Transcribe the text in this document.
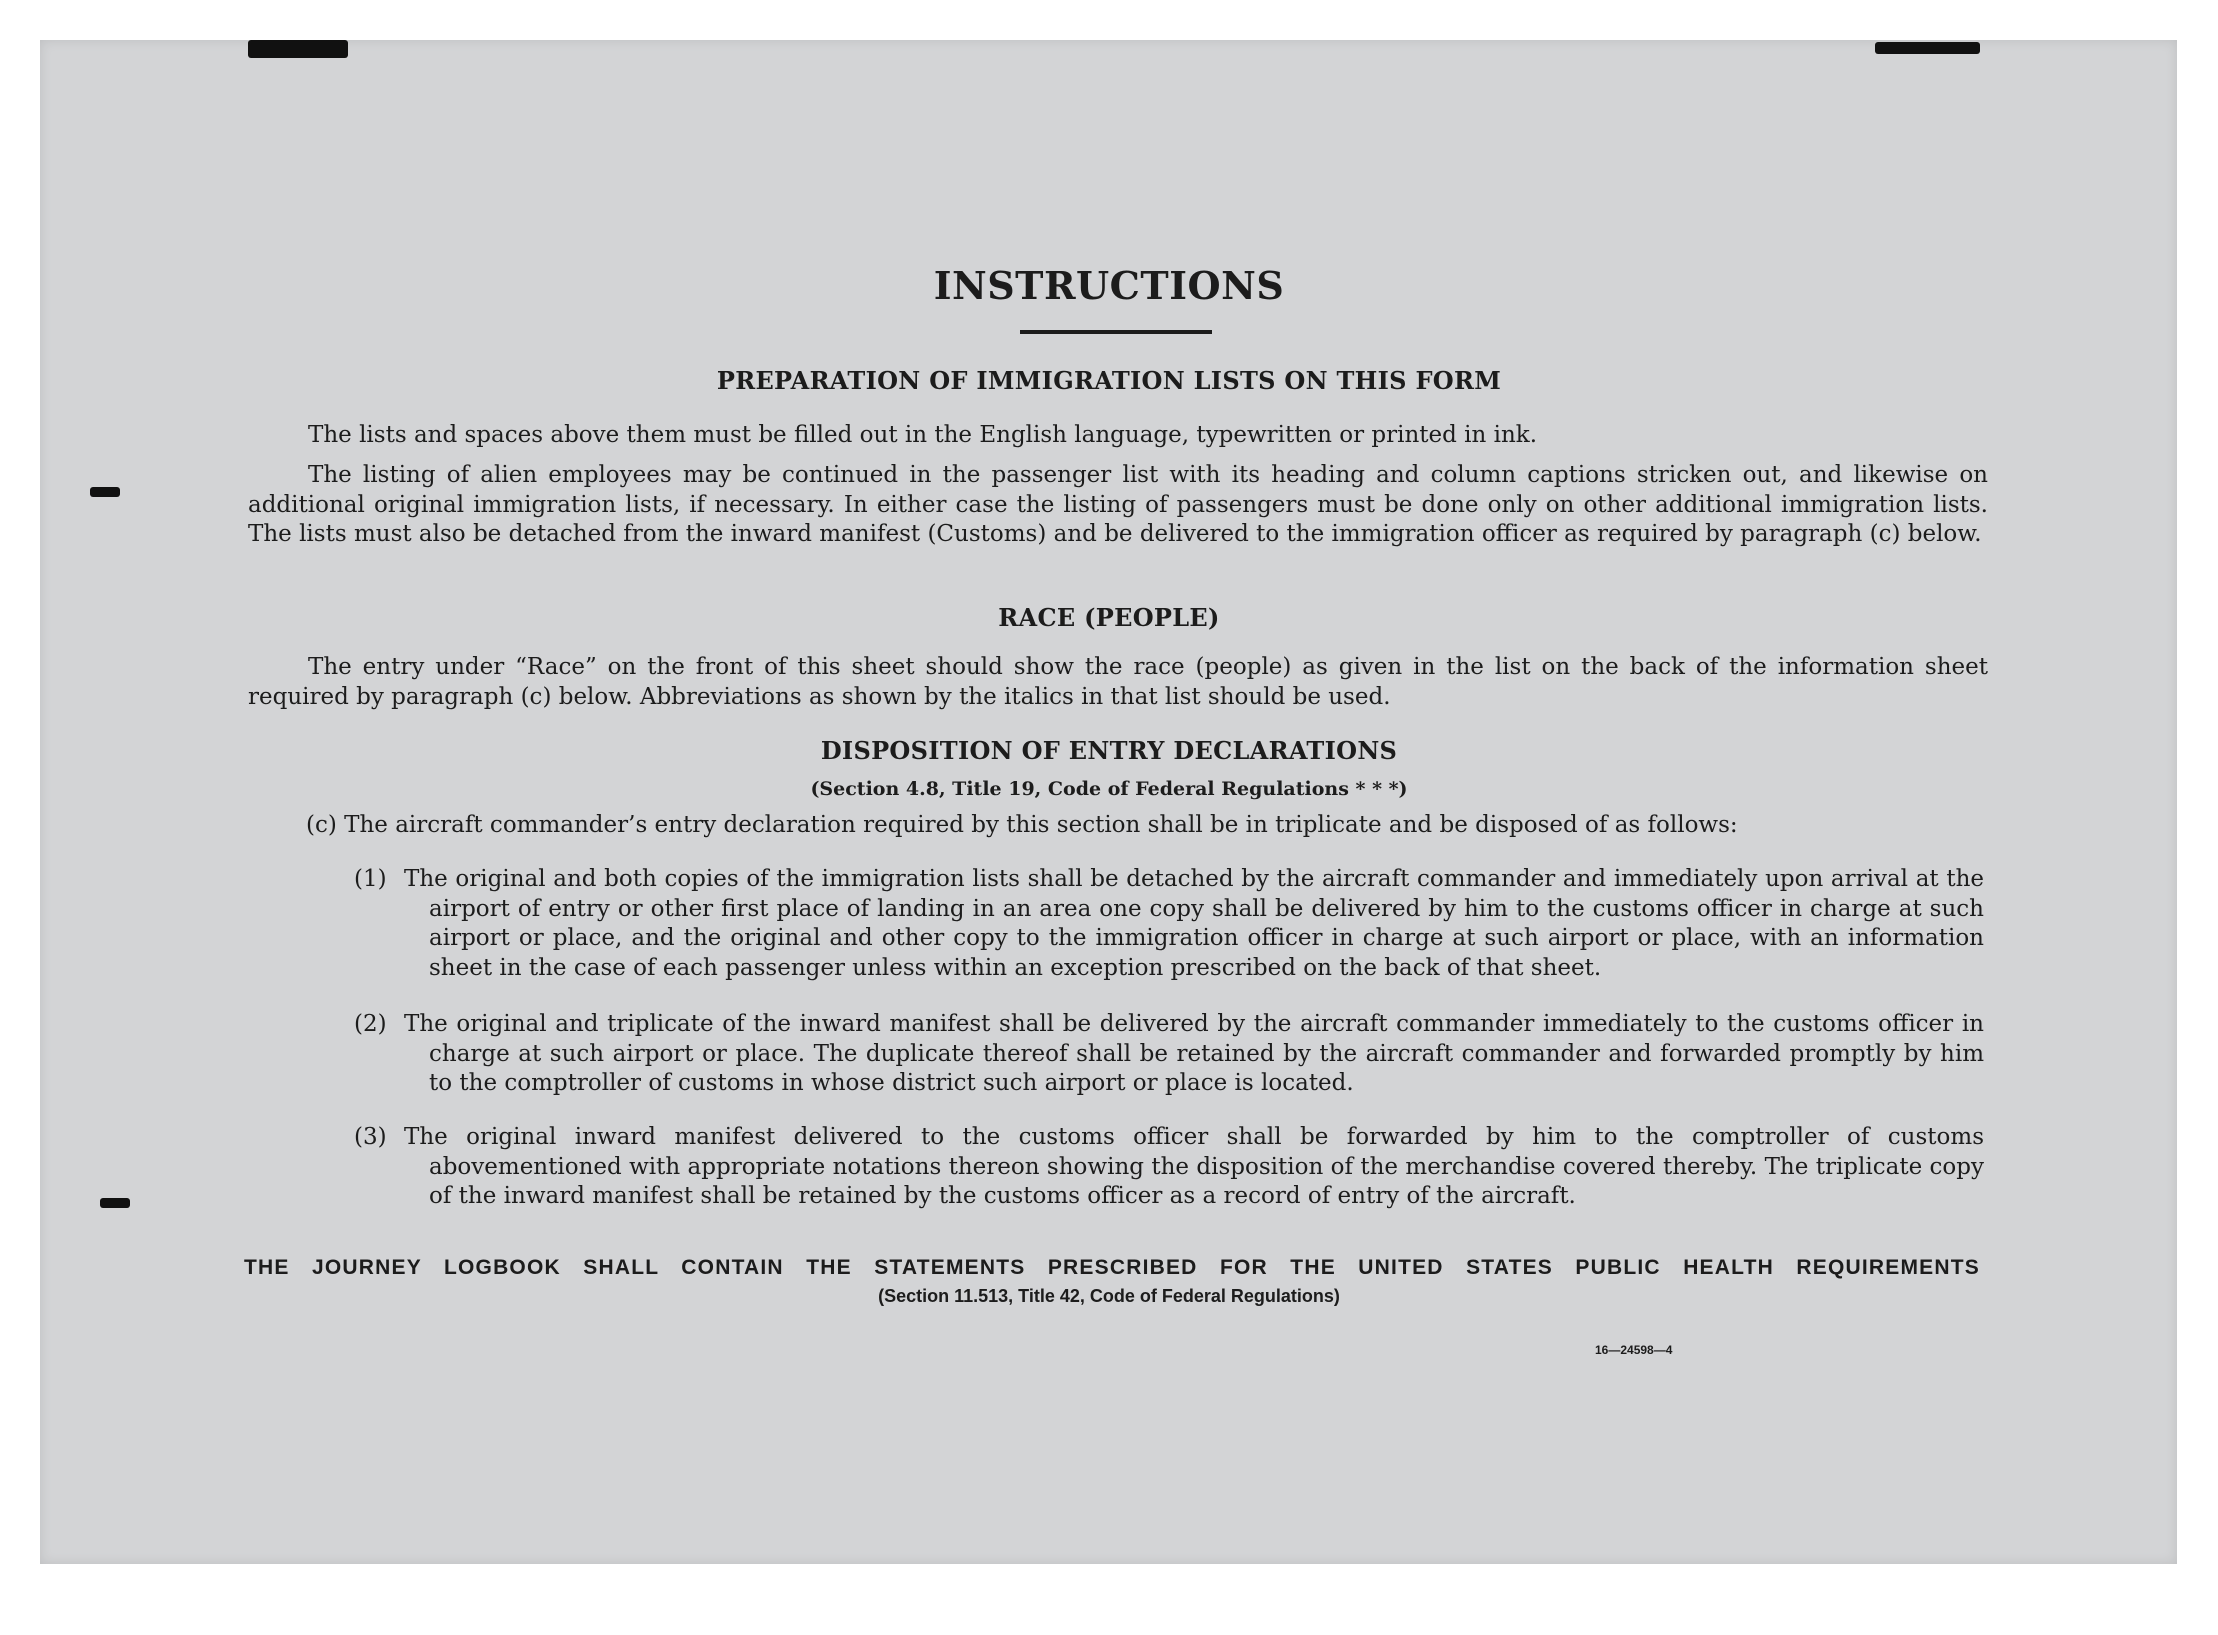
INSTRUCTIONS
PREPARATION OF IMMIGRATION LISTS ON THIS FORM

The lists and spaces above them must be filled out in the English language, typewritten or printed in ink.

The listing of alien employees may be continued in the passenger list with its heading and column captions stricken out, and likewise on additional original immigration lists, if necessary. In either case the listing of passengers must be done only on other additional immigration lists. The lists must also be detached from the inward manifest (Customs) and be delivered to the immigration officer as required by paragraph (c) below.

RACE (PEOPLE)

The entry under “Race” on the front of this sheet should show the race (people) as given in the list on the back of the information sheet required by paragraph (c) below. Abbreviations as shown by the italics in that list should be used.

DISPOSITION OF ENTRY DECLARATIONS
(Section 4.8, Title 19, Code of Federal Regulations * * *)

(c) The aircraft commander’s entry declaration required by this section shall be in triplicate and be disposed of as follows:

(1) The original and both copies of the immigration lists shall be detached by the aircraft commander and immediately upon arrival at the airport of entry or other first place of landing in an area one copy shall be delivered by him to the customs officer in charge at such airport or place, and the original and other copy to the immigration officer in charge at such airport or place, with an information sheet in the case of each passenger unless within an exception prescribed on the back of that sheet.

(2) The original and triplicate of the inward manifest shall be delivered by the aircraft commander immediately to the customs officer in charge at such airport or place. The duplicate thereof shall be retained by the aircraft commander and forwarded promptly by him to the comptroller of customs in whose district such airport or place is located.

(3) The original inward manifest delivered to the customs officer shall be forwarded by him to the comptroller of customs abovementioned with appropriate notations thereon showing the disposition of the merchandise covered thereby. The triplicate copy of the inward manifest shall be retained by the customs officer as a record of entry of the aircraft.

THE JOURNEY LOGBOOK SHALL CONTAIN THE STATEMENTS PRESCRIBED FOR THE UNITED STATES PUBLIC HEALTH REQUIREMENTS
(Section 11.513, Title 42, Code of Federal Regulations)
16—24598—4
